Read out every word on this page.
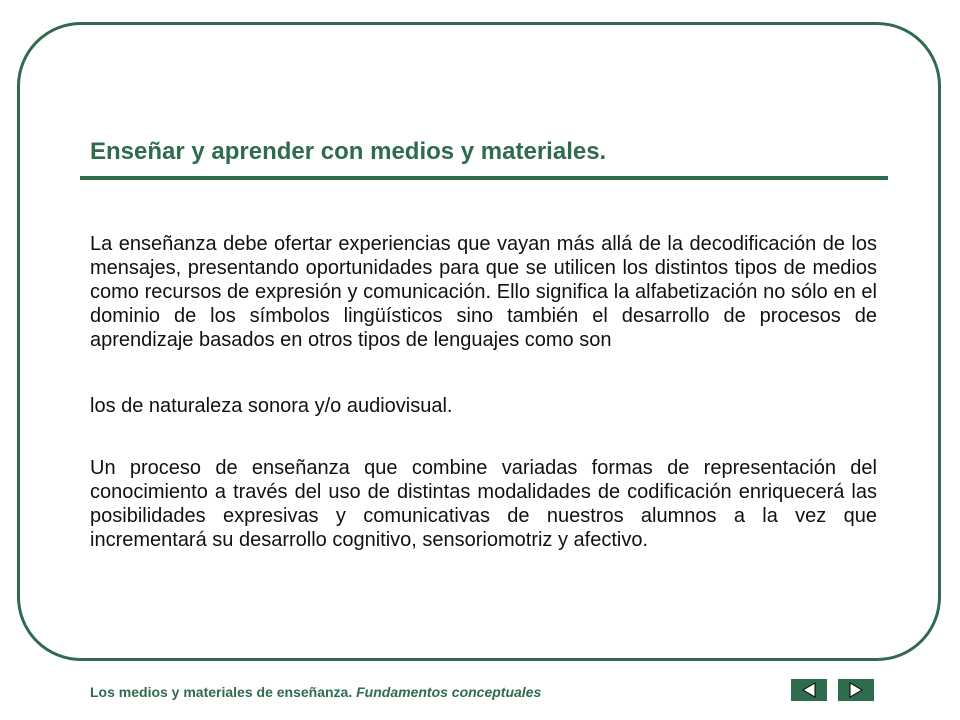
Enseñar y aprender con medios y materiales.

La enseñanza debe ofertar experiencias que vayan más allá de la decodificación de los mensajes, presentando oportunidades para que se utilicen los distintos tipos de medios como recursos de expresión y comunicación. Ello significa la alfabetización no sólo en el dominio de los símbolos lingüísticos sino también el desarrollo de procesos de aprendizaje basados en otros tipos de lenguajes como son

los de naturaleza sonora y/o audiovisual.

Un proceso de enseñanza que combine variadas formas de representación del conocimiento a través del uso de distintas modalidades de codificación enriquecerá las posibilidades expresivas y comunicativas de nuestros alumnos a la vez que incrementará su desarrollo cognitivo, sensoriomotriz y afectivo.

Los medios y materiales de enseñanza. Fundamentos conceptuales
